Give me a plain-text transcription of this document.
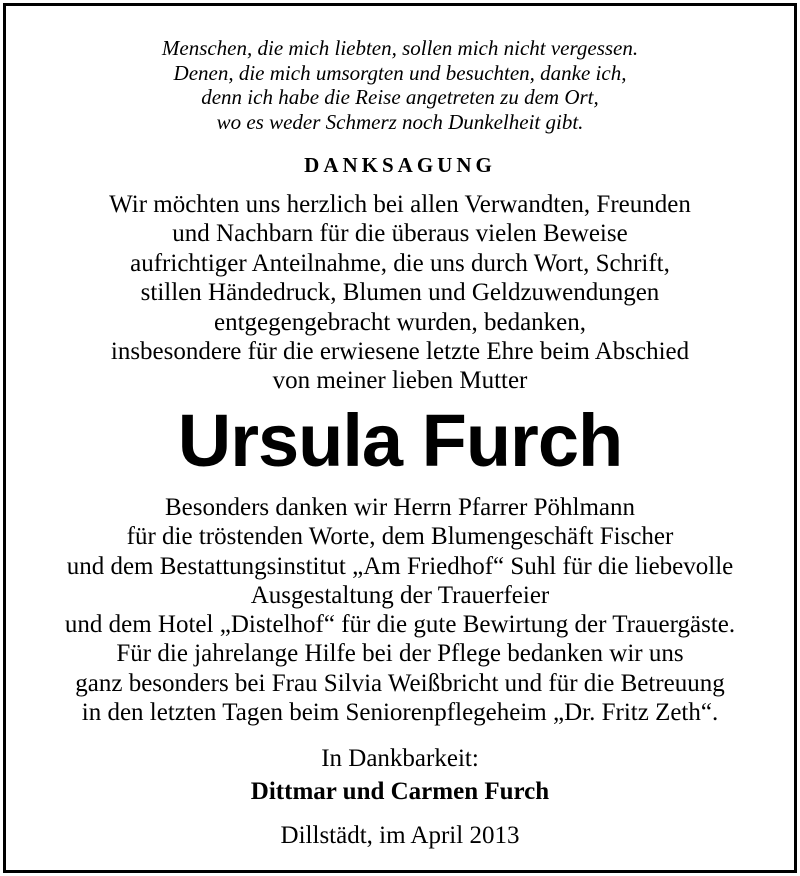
Menschen, die mich liebten, sollen mich nicht vergessen.
Denen, die mich umsorgten und besuchten, danke ich,
denn ich habe die Reise angetreten zu dem Ort,
wo es weder Schmerz noch Dunkelheit gibt.
DANKSAGUNG
Wir möchten uns herzlich bei allen Verwandten, Freunden
und Nachbarn für die überaus vielen Beweise
aufrichtiger Anteilnahme, die uns durch Wort, Schrift,
stillen Händedruck, Blumen und Geldzuwendungen
entgegengebracht wurden, bedanken,
insbesondere für die erwiesene letzte Ehre beim Abschied
von meiner lieben Mutter
Ursula Furch
Besonders danken wir Herrn Pfarrer Pöhlmann
für die tröstenden Worte, dem Blumengeschäft Fischer
und dem Bestattungsinstitut „Am Friedhof“ Suhl für die liebevolle
Ausgestaltung der Trauerfeier
und dem Hotel „Distelhof“ für die gute Bewirtung der Trauergäste.
Für die jahrelange Hilfe bei der Pflege bedanken wir uns
ganz besonders bei Frau Silvia Weißbricht und für die Betreuung
in den letzten Tagen beim Seniorenpflegeheim „Dr. Fritz Zeth“.
In Dankbarkeit:
Dittmar und Carmen Furch
Dillstädt, im April 2013
